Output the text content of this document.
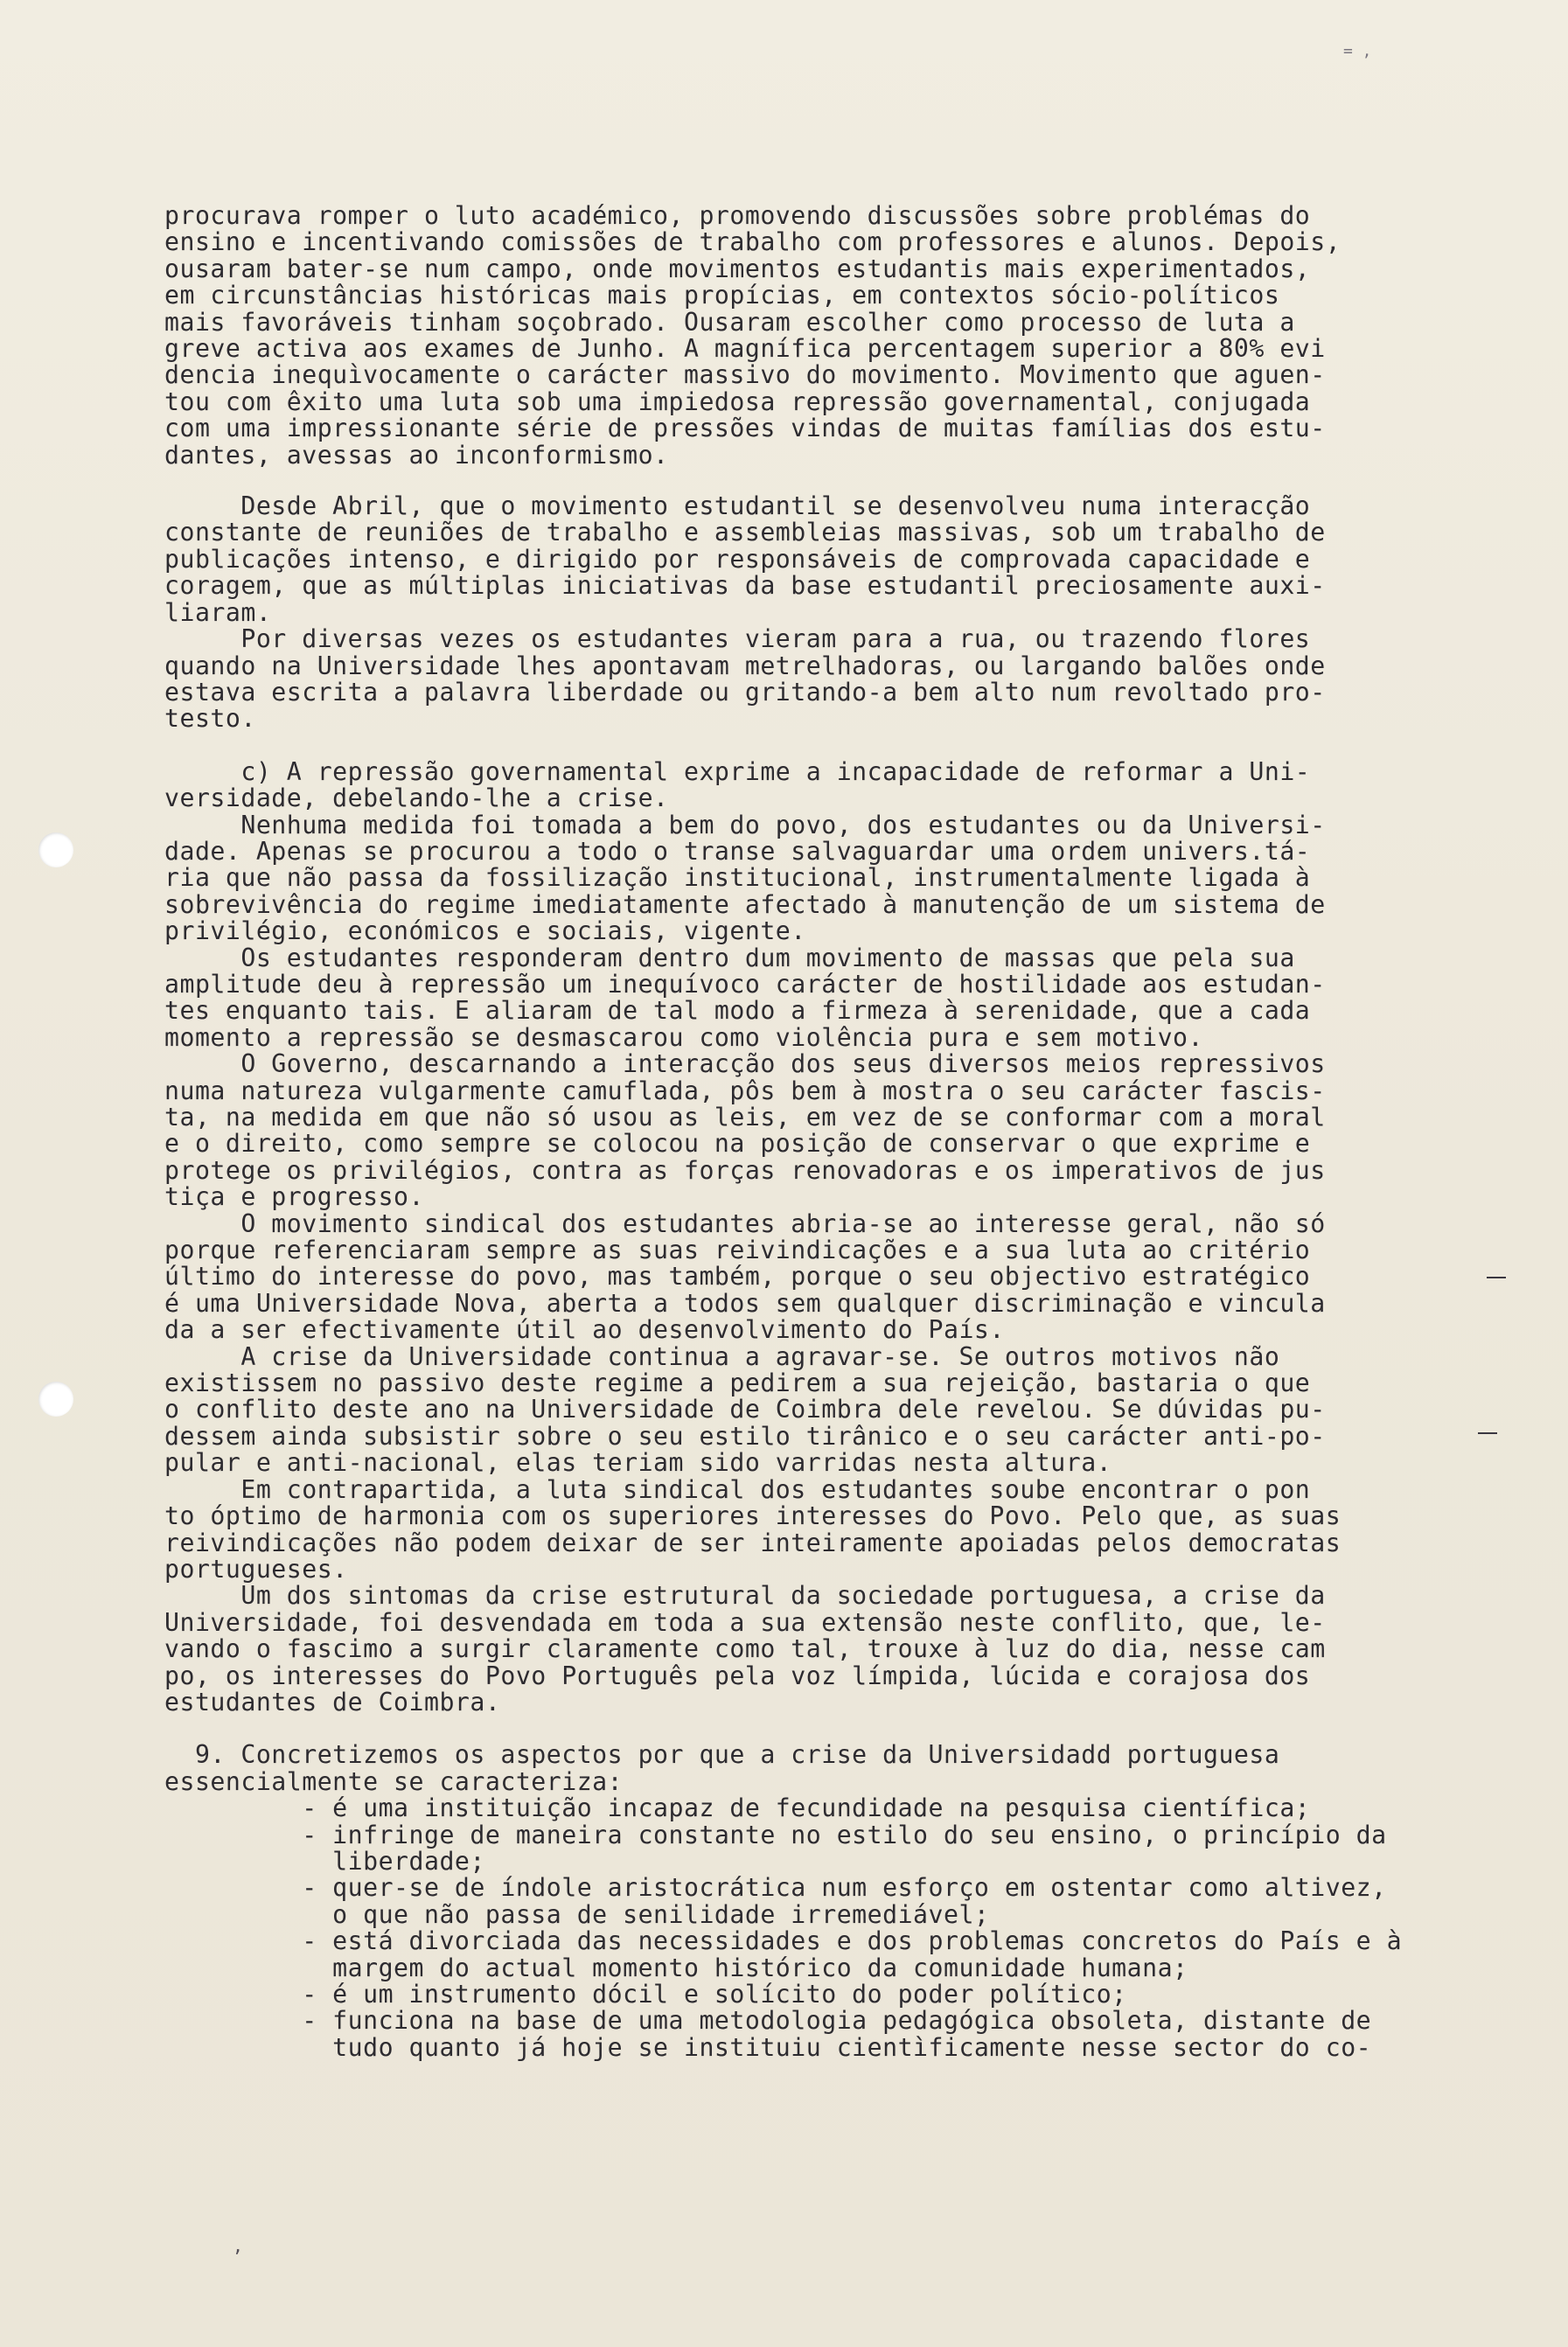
= ,
procurava romper o luto académico, promovendo discussões sobre problémas do
ensino e incentivando comissões de trabalho com professores e alunos. Depois,
ousaram bater-se num campo, onde movimentos estudantis mais experimentados,
em circunstâncias históricas mais propícias, em contextos sócio-políticos
mais favoráveis tinham soçobrado. Ousaram escolher como processo de luta a
greve activa aos exames de Junho. A magnífica percentagem superior a 80% evi
dencia inequìvocamente o carácter massivo do movimento. Movimento que aguen-
tou com êxito uma luta sob uma impiedosa repressão governamental, conjugada
com uma impressionante série de pressões vindas de muitas famílias dos estu-
dantes, avessas ao inconformismo.
Desde Abril, que o movimento estudantil se desenvolveu numa interacção
constante de reuniões de trabalho e assembleias massivas, sob um trabalho de
publicações intenso, e dirigido por responsáveis de comprovada capacidade e
coragem, que as múltiplas iniciativas da base estudantil preciosamente auxi-
liaram.
Por diversas vezes os estudantes vieram para a rua, ou trazendo flores
quando na Universidade lhes apontavam metrelhadoras, ou largando balões onde
estava escrita a palavra liberdade ou gritando-a bem alto num revoltado pro-
testo.
c) A repressão governamental exprime a incapacidade de reformar a Uni-
versidade, debelando-lhe a crise.
Nenhuma medida foi tomada a bem do povo, dos estudantes ou da Universi-
dade. Apenas se procurou a todo o transe salvaguardar uma ordem univers.tá-
ria que não passa da fossilização institucional, instrumentalmente ligada à
sobrevivência do regime imediatamente afectado à manutenção de um sistema de
privilégio, económicos e sociais, vigente.
Os estudantes responderam dentro dum movimento de massas que pela sua
amplitude deu à repressão um inequívoco carácter de hostilidade aos estudan-
tes enquanto tais. E aliaram de tal modo a firmeza à serenidade, que a cada
momento a repressão se desmascarou como violência pura e sem motivo.
O Governo, descarnando a interacção dos seus diversos meios repressivos
numa natureza vulgarmente camuflada, pôs bem à mostra o seu carácter fascis-
ta, na medida em que não só usou as leis, em vez de se conformar com a moral
e o direito, como sempre se colocou na posição de conservar o que exprime e
protege os privilégios, contra as forças renovadoras e os imperativos de jus
tiça e progresso.
O movimento sindical dos estudantes abria-se ao interesse geral, não só
porque referenciaram sempre as suas reivindicações e a sua luta ao critério
último do interesse do povo, mas também, porque o seu objectivo estratégico
é uma Universidade Nova, aberta a todos sem qualquer discriminação e vincula
da a ser efectivamente útil ao desenvolvimento do País.
A crise da Universidade continua a agravar-se. Se outros motivos não
existissem no passivo deste regime a pedirem a sua rejeição, bastaria o que
o conflito deste ano na Universidade de Coimbra dele revelou. Se dúvidas pu-
dessem ainda subsistir sobre o seu estilo tirânico e o seu carácter anti-po-
pular e anti-nacional, elas teriam sido varridas nesta altura.
Em contrapartida, a luta sindical dos estudantes soube encontrar o pon
to óptimo de harmonia com os superiores interesses do Povo. Pelo que, as suas
reivindicações não podem deixar de ser inteiramente apoiadas pelos democratas
portugueses.
Um dos sintomas da crise estrutural da sociedade portuguesa, a crise da
Universidade, foi desvendada em toda a sua extensão neste conflito, que, le-
vando o fascimo a surgir claramente como tal, trouxe à luz do dia, nesse cam
po, os interesses do Povo Português pela voz límpida, lúcida e corajosa dos
estudantes de Coimbra.
9. Concretizemos os aspectos por que a crise da Universidadd portuguesa
essencialmente se caracteriza:
- é uma instituição incapaz de fecundidade na pesquisa científica;
- infringe de maneira constante no estilo do seu ensino, o princípio da
liberdade;
- quer-se de índole aristocrática num esforço em ostentar como altivez,
o que não passa de senilidade irremediável;
- está divorciada das necessidades e dos problemas concretos do País e à
margem do actual momento histórico da comunidade humana;
- é um instrumento dócil e solícito do poder político;
- funciona na base de uma metodologia pedagógica obsoleta, distante de
tudo quanto já hoje se instituiu cientìficamente nesse sector do co-
,
